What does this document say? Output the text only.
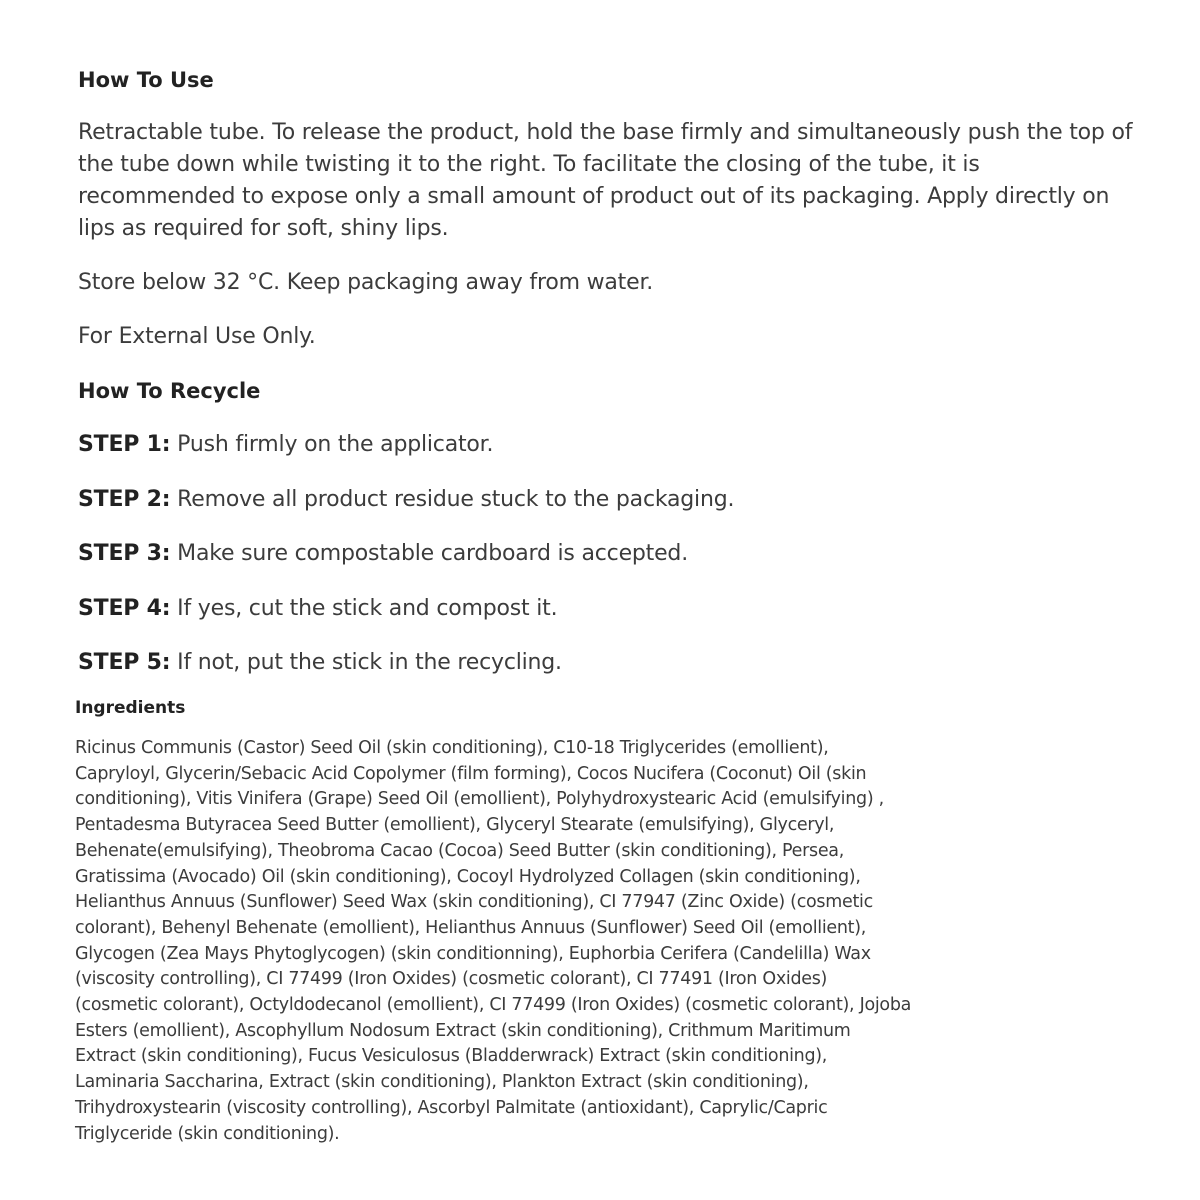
How To Use

Retractable tube. To release the product, hold the base firmly and simultaneously push the top of the tube down while twisting it to the right. To facilitate the closing of the tube, it is recommended to expose only a small amount of product out of its packaging. Apply directly on lips as required for soft, shiny lips.

Store below 32 °C. Keep packaging away from water.

For External Use Only.

How To Recycle

STEP 1: Push firmly on the applicator.

STEP 2: Remove all product residue stuck to the packaging.

STEP 3: Make sure compostable cardboard is accepted.

STEP 4: If yes, cut the stick and compost it.

STEP 5: If not, put the stick in the recycling.

Ingredients

Ricinus Communis (Castor) Seed Oil (skin conditioning), C10-18 Triglycerides (emollient), Capryloyl, Glycerin/Sebacic Acid Copolymer (film forming), Cocos Nucifera (Coconut) Oil (skin conditioning), Vitis Vinifera (Grape) Seed Oil (emollient), Polyhydroxystearic Acid (emulsifying) , Pentadesma Butyracea Seed Butter (emollient), Glyceryl Stearate (emulsifying), Glyceryl, Behenate(emulsifying), Theobroma Cacao (Cocoa) Seed Butter (skin conditioning), Persea, Gratissima (Avocado) Oil (skin conditioning), Cocoyl Hydrolyzed Collagen (skin conditioning), Helianthus Annuus (Sunflower) Seed Wax (skin conditioning), CI 77947 (Zinc Oxide) (cosmetic colorant), Behenyl Behenate (emollient), Helianthus Annuus (Sunflower) Seed Oil (emollient), Glycogen (Zea Mays Phytoglycogen) (skin conditionning), Euphorbia Cerifera (Candelilla) Wax (viscosity controlling), CI 77499 (Iron Oxides) (cosmetic colorant), CI 77491 (Iron Oxides) (cosmetic colorant), Octyldodecanol (emollient), CI 77499 (Iron Oxides) (cosmetic colorant), Jojoba Esters (emollient), Ascophyllum Nodosum Extract (skin conditioning), Crithmum Maritimum Extract (skin conditioning), Fucus Vesiculosus (Bladderwrack) Extract (skin conditioning), Laminaria Saccharina, Extract (skin conditioning), Plankton Extract (skin conditioning), Trihydroxystearin (viscosity controlling), Ascorbyl Palmitate (antioxidant), Caprylic/Capric Triglyceride (skin conditioning).
